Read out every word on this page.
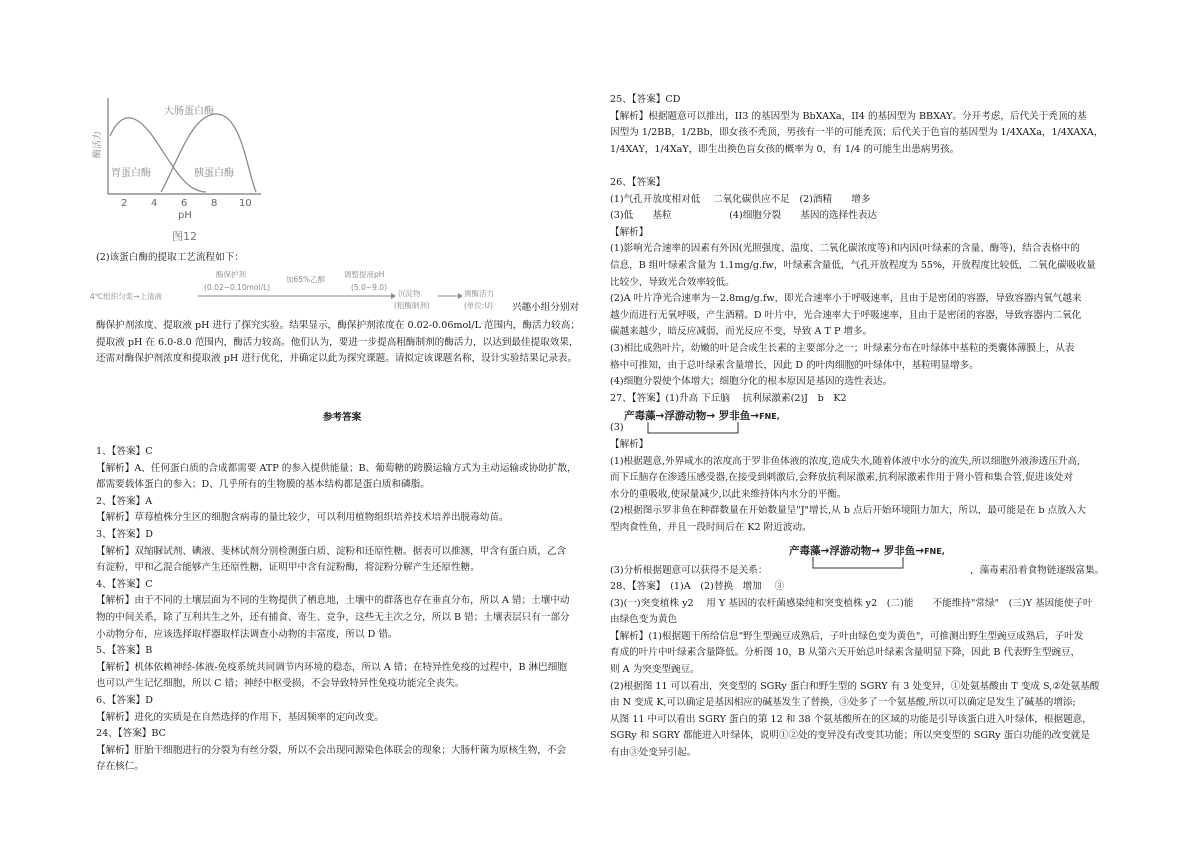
大肠蛋白酶
胃蛋白酶	胰蛋白酶
酶活力
2 4 6 8 10
pH
图12
(2)该蛋白酶的提取工艺流程如下：
4℃组织匀浆→上清液
酶保护剂
(0.02~0.10mol/L)
加65%乙醇
调整提液pH
(5.0~9.0)
沉淀物
(粗酶制剂)
测酶活力
(单位:U) 兴趣小组分别对

酶保护剂浓度、提取液 pH 进行了探究实验。结果显示，酶保护剂浓度在 0.02-0.06mol/L 范围内，酶活力较高；

提取液 pH 在 6.0-8.0 范围内，酶活力较高。他们认为，要进一步提高粗酶制剂的酶活力，以达到最佳提取效果，

还需对酶保护剂浓度和提取液 pH 进行优化，并确定以此为探究课题。请拟定该课题名称，设计实验结果记录表。

参考答案

1、【答案】C

【解析】A、任何蛋白质的合成都需要 ATP 的参入提供能量；B、葡萄糖的跨膜运输方式为主动运输或协助扩散，

都需要载体蛋白的参入；D、几乎所有的生物膜的基本结构都是蛋白质和磷脂。

2、【答案】A

【解析】草莓植株分生区的细胞含病毒的量比较少，可以利用植物组织培养技术培养出脱毒幼苗。

3、【答案】D

【解析】双缩脲试剂、碘液、斐林试剂分别检测蛋白质、淀粉和还原性糖。据表可以推测，甲含有蛋白质，乙含

有淀粉，甲和乙混合能够产生还原性糖，证明甲中含有淀粉酶，将淀粉分解产生还原性糖。

4、【答案】C

【解析】由于不同的土壤层面为不同的生物提供了栖息地，土壤中的群落也存在垂直分布，所以 A 错；土壤中动

物的中间关系，除了互利共生之外，还有捕食、寄生、竞争，这些无主次之分，所以 B 错；土壤表层只有一部分

小动物分布，应该选择取样器取样法调查小动物的丰富度，所以 D 错。

5、【答案】B

【解析】机体依赖神经-体液-免疫系统共同调节内环境的稳态，所以 A 错；在特异性免疫的过程中，B 淋巴细胞

也可以产生记忆细胞，所以 C 错；神经中枢受损，不会导致特异性免疫功能完全丧失。

6、【答案】D

【解析】进化的实质是在自然选择的作用下，基因频率的定向改变。

24、【答案】BC

【解析】肝胎干细胞进行的分裂为有丝分裂，所以不会出现同源染色体联会的现象；大肠杆菌为原核生物，不会

存在核仁。

25、【答案】CD

【解析】根据题意可以推出，II3 的基因型为 BbXAXa，II4 的基因型为 BBXAY。分开考虑，后代关于秃顶的基

因型为 1/2BB，1/2Bb，即女孩不秃顶，男孩有一半的可能秃顶；后代关于色盲的基因型为 1/4XAXa，1/4XAXA，

1/4XAY，1/4XaY，即生出换色盲女孩的概率为 0，有 1/4 的可能生出患病男孩。

26、【答案】

(1)气孔开放度相对低　 二氧化碳供应不足　(2)酒精　　增多

(3)低　　基粒　　　　　　(4)细胞分裂　　基因的选择性表达

【解析】

(1)影响光合速率的因素有外因(光照强度、温度、二氧化碳浓度等)和内因(叶绿素的含量、酶等)，结合表格中的

信息，B 组叶绿素含量为 1.1mg/g.fw，叶绿素含量低，气孔开放程度为 55%，开放程度比较低，二氧化碳吸收量

比较少，导致光合效率较低。

(2)A 叶片净光合速率为－2.8mg/g.fw，即光合速率小于呼吸速率，且由于是密闭的容器，导致容器内氧气越来

越少而进行无氧呼吸，产生酒精。D 叶片中，光合速率大于呼吸速率，且由于是密闭的容器，导致容器内二氧化

碳越来越少，暗反应减弱，而光反应不变，导致 A T P 增多。

(3)相比成熟叶片，幼嫩的叶是合成生长素的主要部分之一；叶绿素分布在叶绿体中基粒的类囊体薄膜上，从表

格中可推知，由于总叶绿素含量增长，因此 D 的叶肉细胞的叶绿体中，基粒明显增多。

(4)细胞分裂使个体增大；细胞分化的根本原因是基因的选性表达。

27、【答案】(1)升高 下丘脑　 抗利尿激素(2)J　b　K2

产毒藻→浮游动物→ 罗非鱼→FNE,
(3)

【解析】

(1)根据题意,外界咸水的浓度高于罗非鱼体液的浓度,造成失水,随着体液中水分的流失,所以细胞外液渗透压升高,

而下丘脑存在渗透压感受器,在接受到刺激后,会释放抗利尿激素,抗利尿激素作用于肾小管和集合管,促进该处对

水分的重吸收,使尿量减少,以此来维持体内水分的平衡。

(2)根据图示罗非鱼在种群数量在开始数量呈"J"增长,从 b 点后开始环境阻力加大，所以，最可能是在 b 点放入大

型肉食性鱼，并且一段时间后在 K2 附近波动。

产毒藻→浮游动物→ 罗非鱼→FNE,
(3)分析根据题意可以获得不是关系：	，藻毒素沿着食物链逐级富集。

28、【答案】　(1)A　(2)替换　增加　 ③

(3)(一)突变植株 y2　 用 Y 基因的农杆菌感染纯和突变植株 y2　(二)能　　不能维持"常绿"　(三)Y 基因能使子叶

由绿色变为黄色

【解析】(1)根据题干所给信息"野生型豌豆成熟后，子叶由绿色变为黄色"，可推测出野生型豌豆成熟后，子叶发

育成的叶片中叶绿素含量降低。分析图 10，B 从第六天开始总叶绿素含量明显下降，因此 B 代表野生型豌豆，

则 A 为突变型豌豆。

(2)根据图 11 可以看出，突变型的 SGRy 蛋白和野生型的 SGRY 有 3 处变异，①处氨基酸由 T 变成 S,②处氨基酸

由 N 变成 K,可以确定是基因相应的碱基发生了替换，③处多了一个氨基酸,所以可以确定是发生了碱基的增添;

从图 11 中可以看出 SGRY 蛋白的第 12 和 38 个氨基酸所在的区域的功能是引导该蛋白进入叶绿体，根据题意，

SGRy 和 SGRY 都能进入叶绿体，说明①②处的变异没有改变其功能；所以突变型的 SGRy 蛋白功能的改变就是

有由③处变异引起。
